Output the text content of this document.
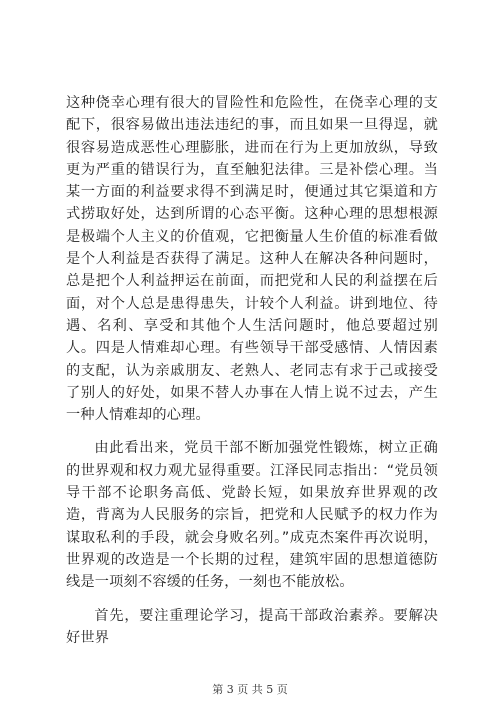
这种侥幸心理有很大的冒险性和危险性，在侥幸心理的支配下，很容易做出违法违纪的事，而且如果一旦得逞，就很容易造成恶性心理膨胀，进而在行为上更加放纵，导致更为严重的错误行为，直至触犯法律。三是补偿心理。当某一方面的利益要求得不到满足时，便通过其它渠道和方式捞取好处，达到所谓的心态平衡。这种心理的思想根源是极端个人主义的价值观，它把衡量人生价值的标准看做是个人利益是否获得了满足。这种人在解决各种问题时，总是把个人利益押运在前面，而把党和人民的利益摆在后面，对个人总是患得患失，计较个人利益。讲到地位、待遇、名利、享受和其他个人生活问题时，他总要超过别人。四是人情难却心理。有些领导干部受感情、人情因素的支配，认为亲戚朋友、老熟人、老同志有求于己或接受了别人的好处，如果不替人办事在人情上说不过去，产生一种人情难却的心理。

由此看出来，党员干部不断加强党性锻炼，树立正确的世界观和权力观尤显得重要。江泽民同志指出：“党员领导干部不论职务高低、党龄长短，如果放弃世界观的改造，背离为人民服务的宗旨，把党和人民赋予的权力作为谋取私利的手段，就会身败名列。”成克杰案件再次说明，世界观的改造是一个长期的过程，建筑牢固的思想道德防线是一项刻不容缓的任务，一刻也不能放松。

首先，要注重理论学习，提高干部政治素养。要解决好世界

第 3 页 共 5 页
